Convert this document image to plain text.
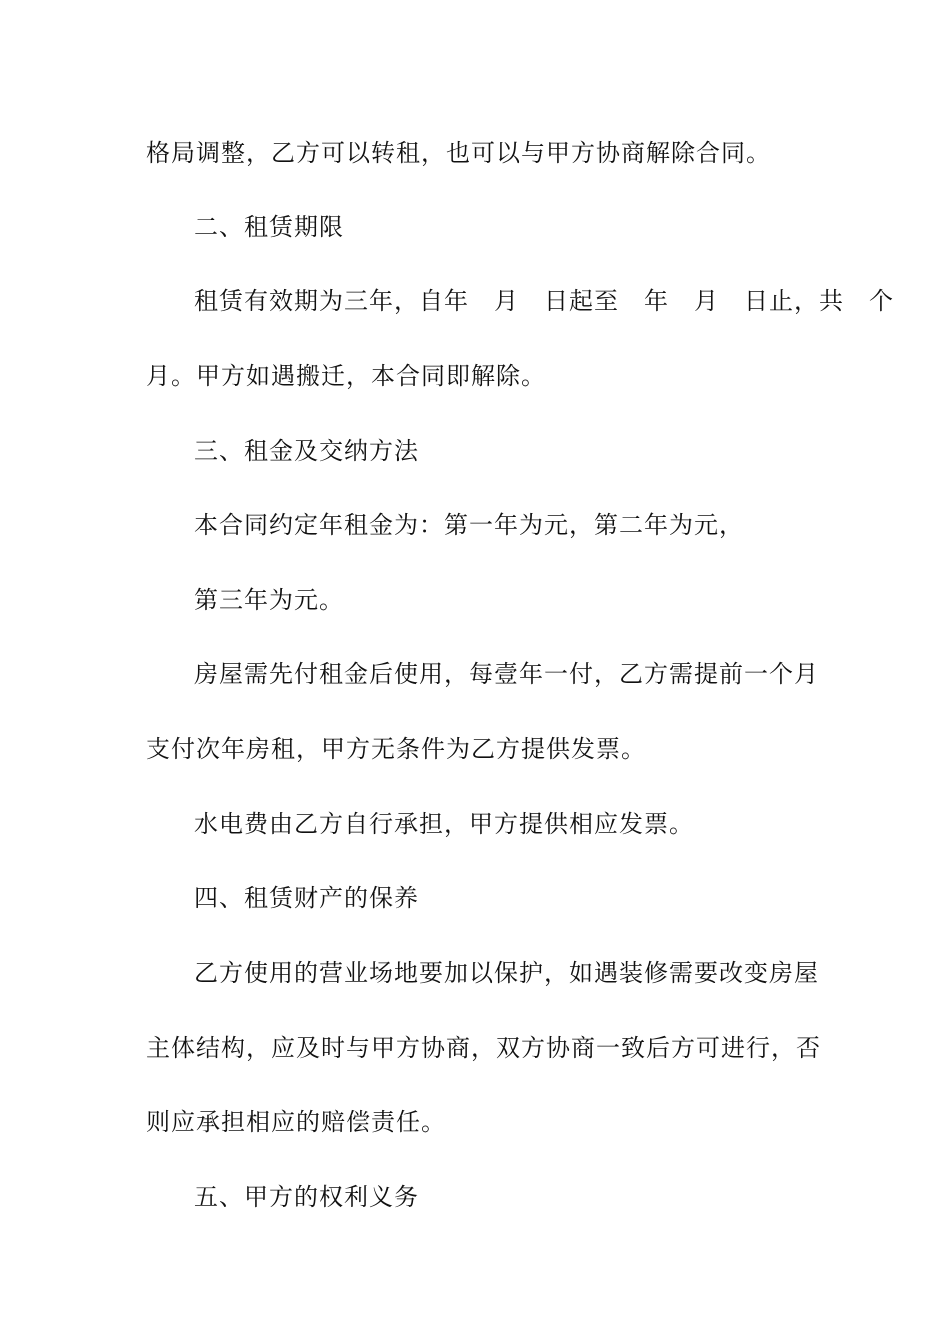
格局调整，乙方可以转租，也可以与甲方协商解除合同。
二、租赁期限
租赁有效期为三年，自年　月　日起至　年　月　日止，共　个
月。甲方如遇搬迁，本合同即解除。
三、租金及交纳方法
本合同约定年租金为：第一年为元，第二年为元，
第三年为元。
房屋需先付租金后使用，每壹年一付，乙方需提前一个月
支付次年房租，甲方无条件为乙方提供发票。
水电费由乙方自行承担，甲方提供相应发票。
四、租赁财产的保养
乙方使用的营业场地要加以保护，如遇装修需要改变房屋
主体结构，应及时与甲方协商，双方协商一致后方可进行，否
则应承担相应的赔偿责任。
五、甲方的权利义务
